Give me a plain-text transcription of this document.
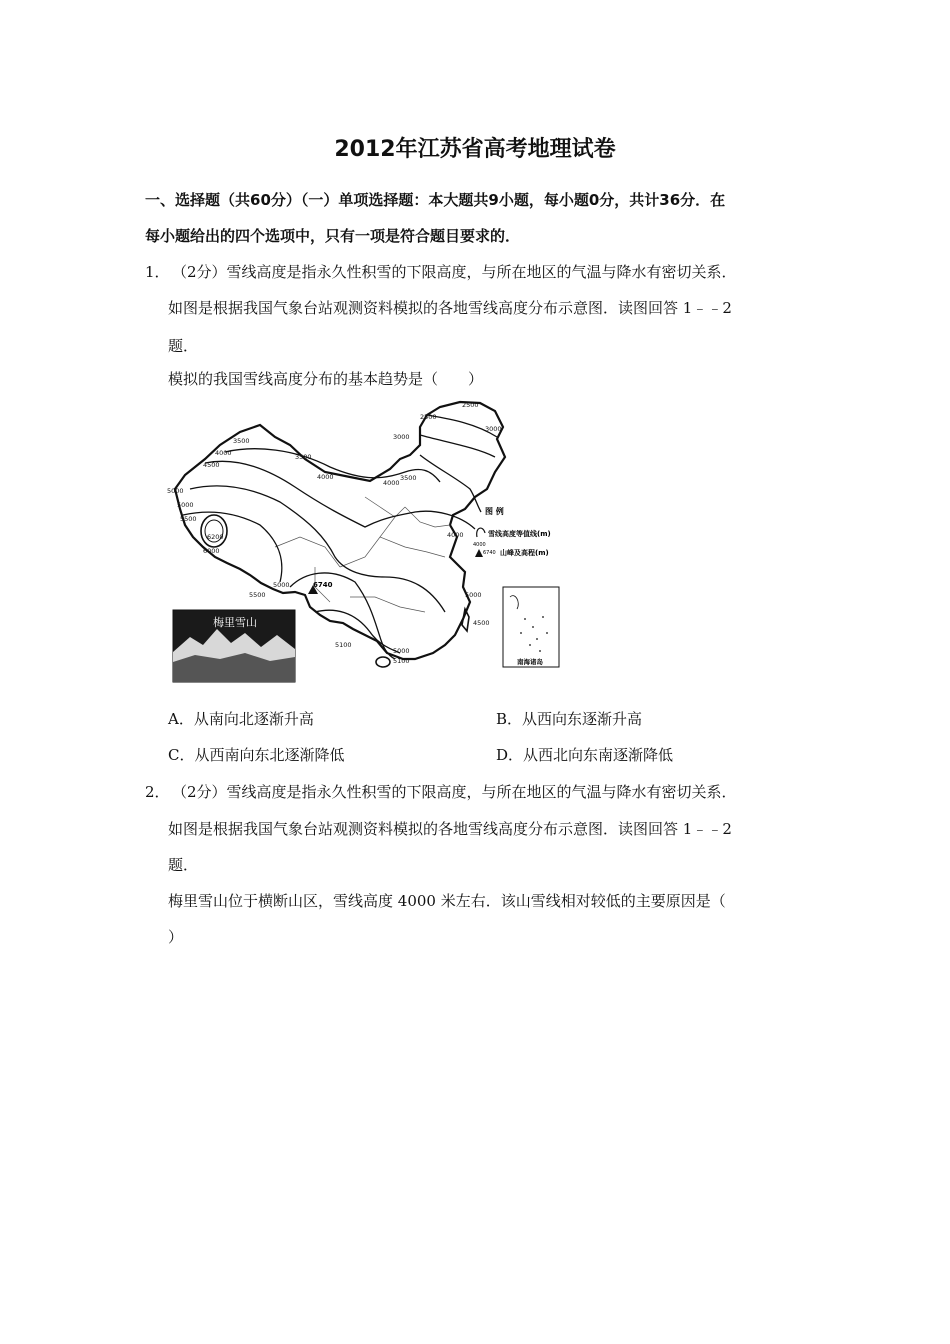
2012年江苏省高考地理试卷
一、选择题（共60分）（一）单项选择题：本大题共9小题，每小题0分，共计36分．在
每小题给出的四个选项中，只有一项是符合题目要求的．
1． （2分）雪线高度是指永久性积雪的下限高度，与所在地区的气温与降水有密切关系．
如图是根据我国气象台站观测资料模拟的各地雪线高度分布示意图．读图回答 1﹣﹣2
题．
模拟的我国雪线高度分布的基本趋势是（　　）
6740
2500
2500
3000
3000
3500
4000
4500
5000
3500
4000
4000
3500
5000
5500
6200
6000
5500
5000
5100
5000
5100
4500
5000
4000
图 例
4000
雪线高度等值线(m)
6740 山峰及高程(m)
梅里雪山
南海诸岛
A．从南向北逐渐升高	B．从西向东逐渐升高
C．从西南向东北逐渐降低	D．从西北向东南逐渐降低
2． （2分）雪线高度是指永久性积雪的下限高度，与所在地区的气温与降水有密切关系．
如图是根据我国气象台站观测资料模拟的各地雪线高度分布示意图．读图回答 1﹣﹣2
题．
梅里雪山位于横断山区，雪线高度 4000 米左右．该山雪线相对较低的主要原因是（
）
